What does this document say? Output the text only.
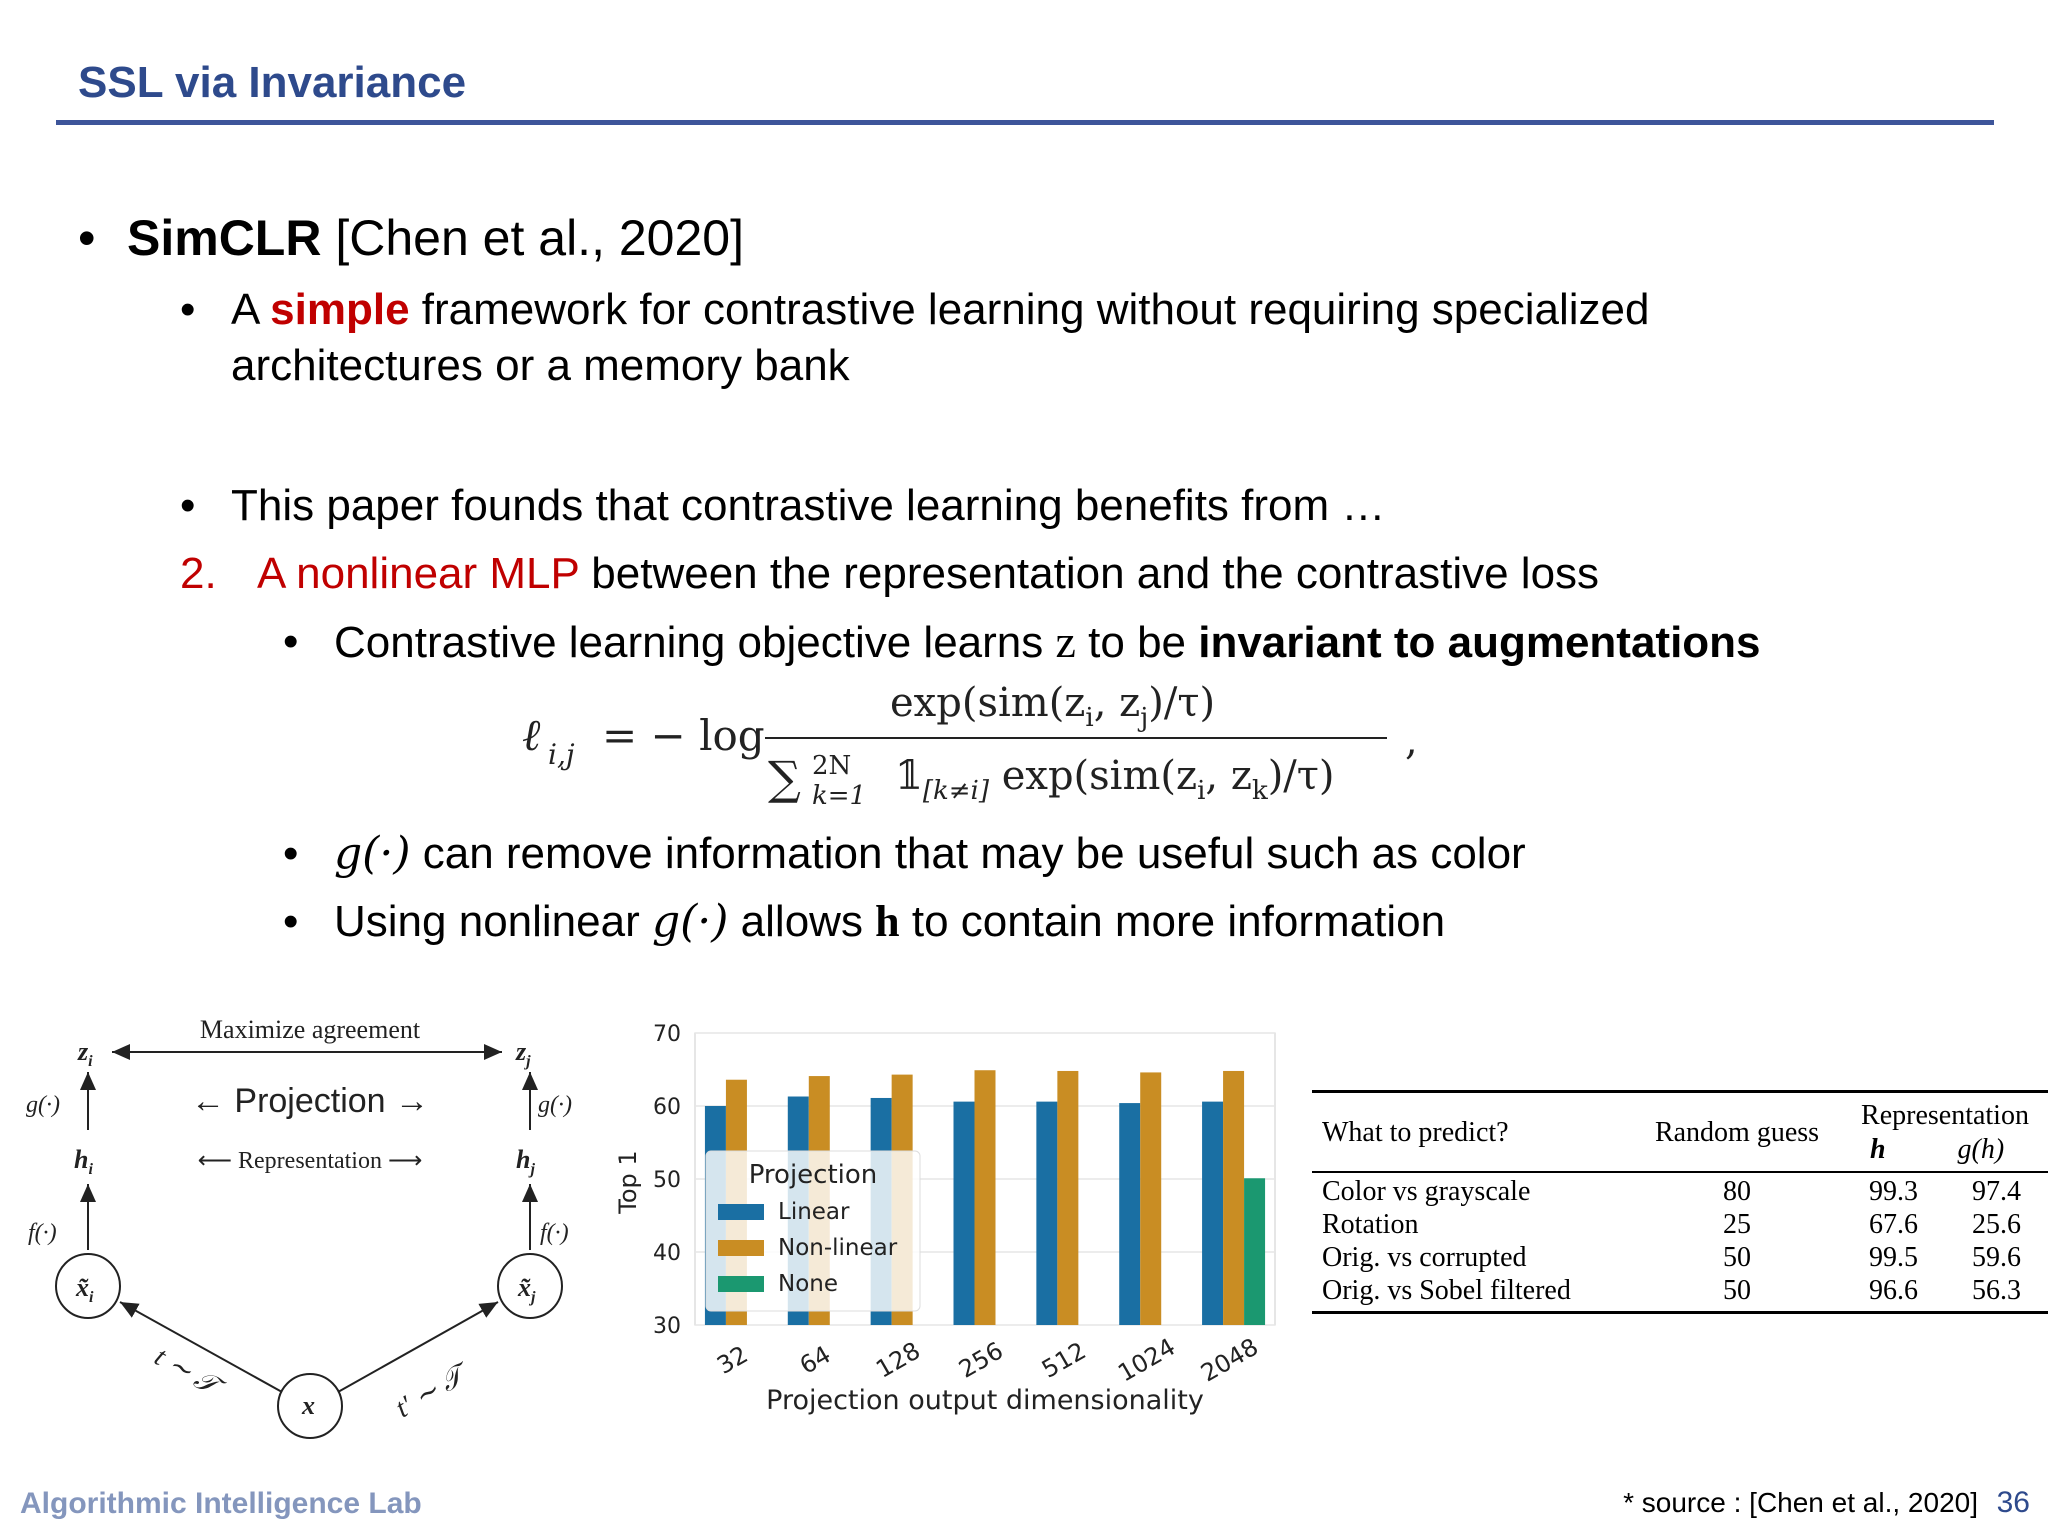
SSL via Invariance
• SimCLR [Chen et al., 2020]
• A simple framework for contrastive learning without requiring specialized
architectures or a memory bank
• This paper founds that contrastive learning benefits from …
2. A nonlinear MLP between the representation and the contrastive loss
• Contrastive learning objective learns z to be invariant to augmentations
ℓ i,j = − log
$\exp(sim(z_i$, $z_j)/\tau$)
∑ 2N
k=1 $𝟙_{[k\ne i]}$ $\exp(sim(z_i$, $z_k)/\tau$)
,
• g(·) can remove information that may be useful such as color
• Using nonlinear g(·) allows h to contain more information
Maximize agreement
$z_i$	$z_j$
g(·)	g(·)
← Projection →
⟵ Representation ⟶
$h_i$	$h_j$
f(·)	f(·)
$x̃_i$	$x̃_j$
x
t ∼ 𝒯	t′ ∼ 𝒯
30
40
50
60
70
32 64 128 256 512 1024 2048
Top 1
Projection output dimensionality
Projection
Linear
Non-linear
None
What to predict?	Random guess	Representation	
		h	g(h)
Color vs grayscale	80	99.3	97.4
Rotation	25	67.6	25.6
Orig. vs corrupted	50	99.5	59.6
Orig. vs Sobel filtered	50	96.6	56.3
Algorithmic Intelligence Lab	* source : [Chen et al., 2020] 36
